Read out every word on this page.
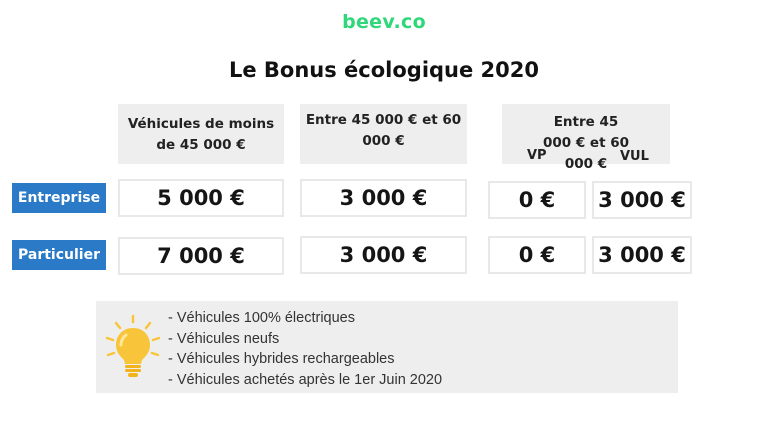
beev.co
Le Bonus écologique 2020
Véhicules de moins de 45 000 €
Entre 45 000 € et 60 000 €
Entre 45 000 € et 60 000 €
VP	VUL
Entreprise	5 000 €	3 000 €	0 €	3 000 €
Particulier	7 000 €	3 000 €	0 €	3 000 €
- Véhicules 100% électriques
- Véhicules neufs
- Véhicules hybrides rechargeables
- Véhicules achetés après le 1er Juin 2020
